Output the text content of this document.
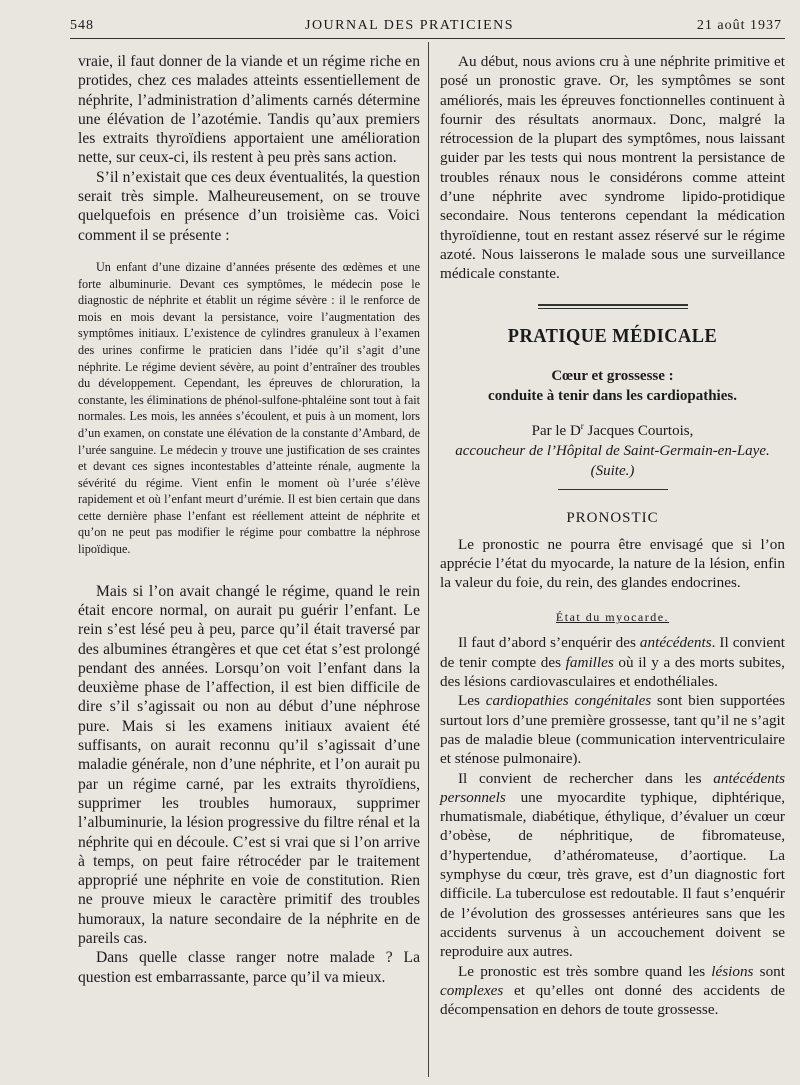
548	JOURNAL DES PRATICIENS	21 août 1937

vraie, il faut donner de la viande et un régime riche en protides, chez ces malades atteints essentiellement de néphrite, l’administration d’aliments carnés détermine une élévation de l’azotémie. Tandis qu’aux premiers les extraits thyroïdiens apportaient une amélioration nette, sur ceux-ci, ils restent à peu près sans action.

S’il n’existait que ces deux éventualités, la question serait très simple. Malheureusement, on se trouve quelquefois en présence d’un troisième cas. Voici comment il se présente :

Un enfant d’une dizaine d’années présente des œdèmes et une forte albuminurie. Devant ces symptômes, le médecin pose le diagnostic de néphrite et établit un régime sévère : il le renforce de mois en mois devant la persistance, voire l’augmentation des symptômes initiaux. L’existence de cylindres granuleux à l’examen des urines confirme le praticien dans l’idée qu’il s’agit d’une néphrite. Le régime devient sévère, au point d’entraîner des troubles du développement. Cependant, les épreuves de chloruration, la constante, les éliminations de phénol-sulfone-phtaléine sont tout à fait normales. Les mois, les années s’écoulent, et puis à un moment, lors d’un examen, on constate une élévation de la constante d’Ambard, de l’urée sanguine. Le médecin y trouve une justification de ses craintes et devant ces signes incontestables d’atteinte rénale, augmente la sévérité du régime. Vient enfin le moment où l’urée s’élève rapidement et où l’enfant meurt d’urémie. Il est bien certain que dans cette dernière phase l’enfant est réellement atteint de néphrite et qu’on ne peut pas modifier le régime pour combattre la néphrose lipoïdique.

Mais si l’on avait changé le régime, quand le rein était encore normal, on aurait pu guérir l’enfant. Le rein s’est lésé peu à peu, parce qu’il était traversé par des albumines étrangères et que cet état s’est prolongé pendant des années. Lorsqu’on voit l’enfant dans la deuxième phase de l’affection, il est bien difficile de dire s’il s’agissait ou non au début d’une néphrose pure. Mais si les examens initiaux avaient été suffisants, on aurait reconnu qu’il s’agissait d’une maladie générale, non d’une néphrite, et l’on aurait pu par un régime carné, par les extraits thyroïdiens, supprimer les troubles humoraux, supprimer l’albuminurie, la lésion progressive du filtre rénal et la néphrite qui en découle. C’est si vrai que si l’on arrive à temps, on peut faire rétrocéder par le traitement approprié une néphrite en voie de constitution. Rien ne prouve mieux le caractère primitif des troubles humoraux, la nature secondaire de la néphrite en de pareils cas.

Dans quelle classe ranger notre malade ? La question est embarrassante, parce qu’il va mieux.

Au début, nous avions cru à une néphrite primitive et posé un pronostic grave. Or, les symptômes se sont améliorés, mais les épreuves fonctionnelles continuent à fournir des résultats anormaux. Donc, malgré la rétrocession de la plupart des symptômes, nous laissant guider par les tests qui nous montrent la persistance de troubles rénaux nous le considérons comme atteint d’une néphrite avec syndrome lipido-protidique secondaire. Nous tenterons cependant la médication thyroïdienne, tout en restant assez réservé sur le régime azoté. Nous laisserons le malade sous une surveillance médicale constante.

PRATIQUE MÉDICALE
Cœur et grossesse :
conduite à tenir dans les cardiopathies.
Par le $D^r$ Jacques Courtois,
accoucheur de l’Hôpital de Saint-Germain-en-Laye.
(Suite.)
PRONOSTIC

Le pronostic ne pourra être envisagé que si l’on apprécie l’état du myocarde, la nature de la lésion, enfin la valeur du foie, du rein, des glandes endocrines.

État du myocarde.

Il faut d’abord s’enquérir des antécédents. Il convient de tenir compte des familles où il y a des morts subites, des lésions cardiovasculaires et endothéliales.

Les cardiopathies congénitales sont bien supportées surtout lors d’une première grossesse, tant qu’il ne s’agit pas de maladie bleue (communication interventriculaire et sténose pulmonaire).

Il convient de rechercher dans les antécédents personnels une myocardite typhique, diphtérique, rhumatismale, diabétique, éthylique, d’évaluer un cœur d’obèse, de néphritique, de fibromateuse, d’hypertendue, d’athéromateuse, d’aortique. La symphyse du cœur, très grave, est d’un diagnostic fort difficile. La tuberculose est redoutable. Il faut s’enquérir de l’évolution des grossesses antérieures sans que les accidents survenus à un accouchement doivent se reproduire aux autres.

Le pronostic est très sombre quand les lésions sont complexes et qu’elles ont donné des accidents de décompensation en dehors de toute grossesse.
